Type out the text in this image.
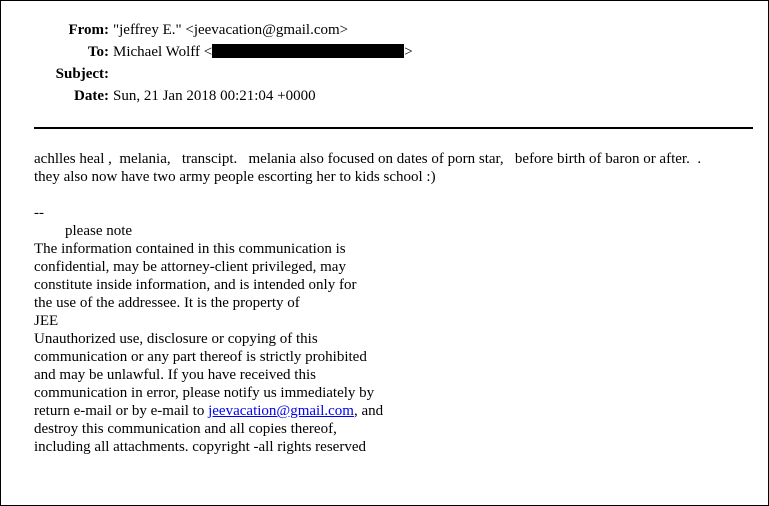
From: "jeffrey E." <jeevacation@gmail.com>
To: Michael Wolff <	>
Subject:
Date: Sun, 21 Jan 2018 00:21:04 +0000
achlles heal ,  melania,   transcipt.   melania also focused on dates of porn star,   before birth of baron or after.  .
they also now have two army people escorting her to kids school :)
--
please note
The information contained in this communication is
confidential, may be attorney-client privileged, may
constitute inside information, and is intended only for
the use of the addressee. It is the property of
JEE
Unauthorized use, disclosure or copying of this
communication or any part thereof is strictly prohibited
and may be unlawful. If you have received this
communication in error, please notify us immediately by
return e-mail or by e-mail to jeevacation@gmail.com, and
destroy this communication and all copies thereof,
including all attachments. copyright -all rights reserved
